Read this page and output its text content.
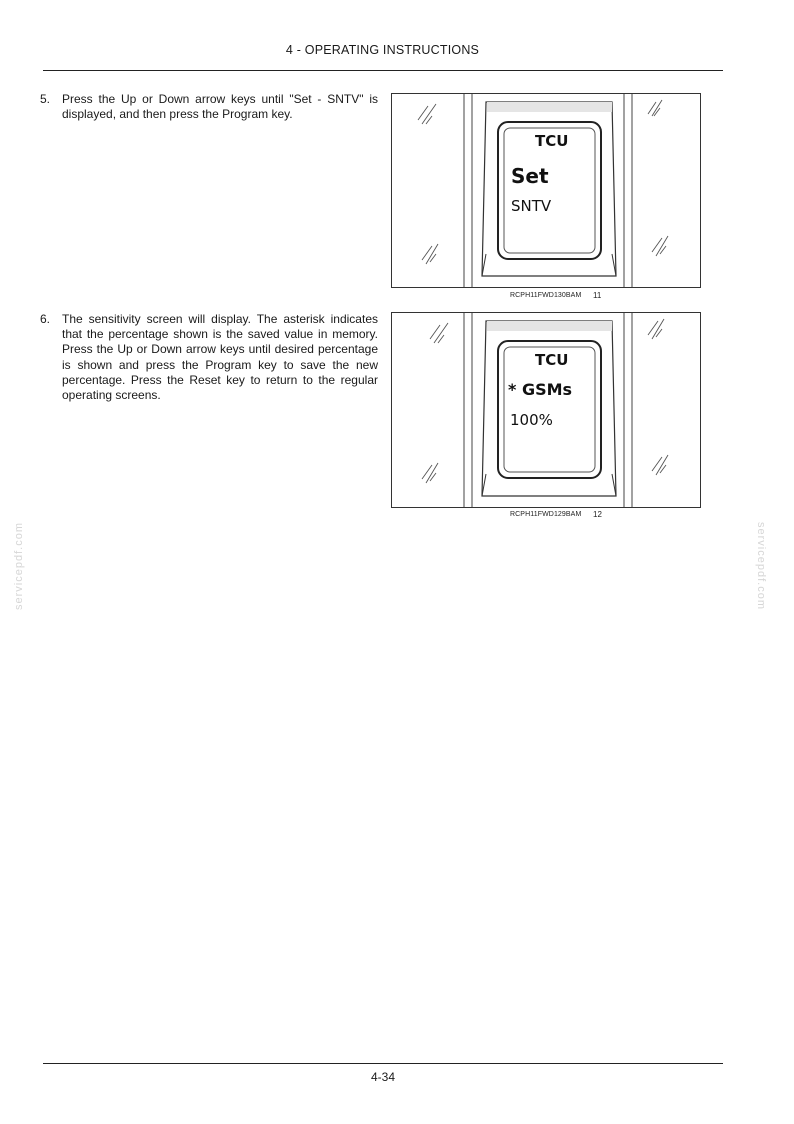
4 - OPERATING INSTRUCTIONS
5. Press the Up or Down arrow keys until "Set - SNTV" is displayed, and then press the Program key.
TCU
Set
SNTV
RCPH11FWD130BAM 11
6. The sensitivity screen will display. The asterisk indicates that the percentage shown is the saved value in memory. Press the Up or Down arrow keys until desired percentage is shown and press the Program key to save the new percentage. Press the Reset key to return to the regular operating screens.
TCU
* GSMs
100%
RCPH11FWD129BAM 12
servicepdf.com	servicepdf.com
4-34
